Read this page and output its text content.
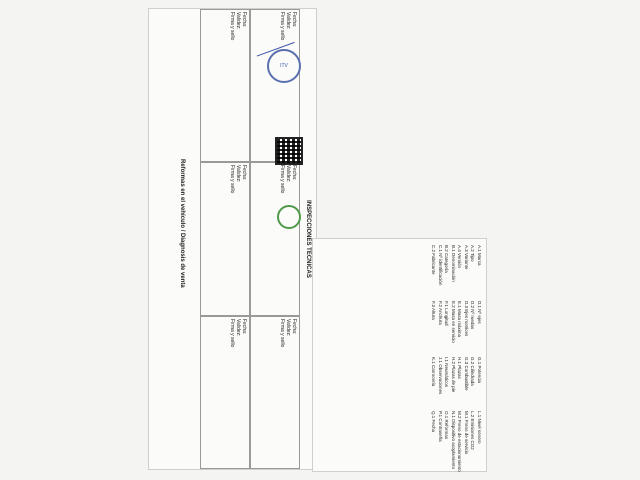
INSPECCIONES TECNICAS
Fecha:
Validez:
Firma y sello
Fecha:
Validez:
Firma y sello
Fecha:
Validez:
Firma y sello
Fecha:
Validez:
Firma y sello
Fecha:
Validez:
Firma y sello
Fecha:
Validez:
Firma y sello
Reformas en el vehículo / Diagnosis de venta
ITV
A.1 Marca
A.2 Tipo
A.3 Variante
A.4 Versión
B.1 Denominación
B.2 Categoría
C.1 Nº identificación
C.2 Fabricante
D.1 Nº ejes
D.2 Nº ruedas
D.3 Ejes motrices
E.1 Masa máxima
E.2 Masa en servicio
F.1 Longitud
F.2 Anchura
F.3 Altura
G.1 Potencia
G.2 Cilindrada
G.3 Combustible
H.1 Plazas
H.2 Plazas de pie
I.1 Neumáticos
J.1 Observaciones
K.1 Carrocería
L.1 Nivel sonoro
L.2 Emisiones CO2
M.1 Freno de servicio
M.2 Freno de estacionamiento
N.1 Dispositivo acoplamiento
O.1 Reformas
P.1 Contraseña
Q.1 Fecha
